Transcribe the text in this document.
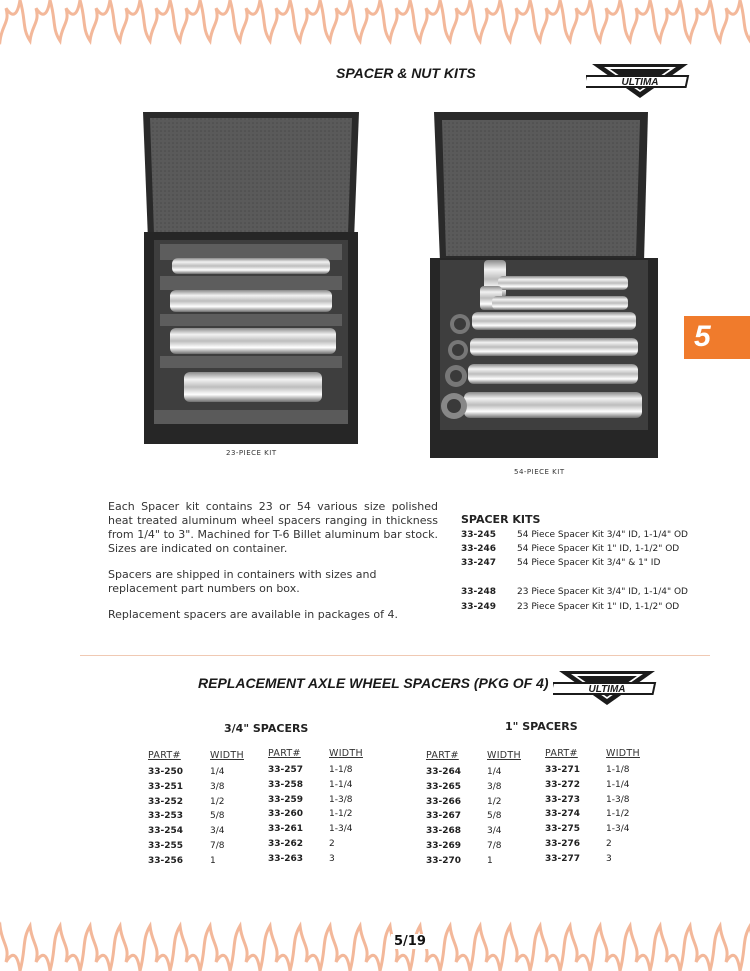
SPACER & NUT KITS
ULTIMA
23-PIECE KIT
54-PIECE KIT
5

Each Spacer kit contains 23 or 54 various size polished heat treated aluminum wheel spacers ranging in thickness from 1/4" to 3". Machined for T-6 Billet aluminum bar stock. Sizes are indicated on container.

Spacers are shipped in containers with sizes and replacement part numbers on box.

Replacement spacers are available in packages of 4.

SPACER KITS
33-245 54 Piece Spacer Kit 3/4" ID, 1-1/4" OD
33-246 54 Piece Spacer Kit 1" ID, 1-1/2" OD
33-247 54 Piece Spacer Kit 3/4" & 1" ID
33-248 23 Piece Spacer Kit 3/4" ID, 1-1/4" OD
33-249 23 Piece Spacer Kit 1" ID, 1-1/2" OD
REPLACEMENT AXLE WHEEL SPACERS (PKG OF 4)	ULTIMA
3/4" SPACERS
PART#
33-250
33-251
33-252
33-253
33-254
33-255
33-256
WIDTH
1/4
3/8
1/2
5/8
3/4
7/8
1
PART#
33-257
33-258
33-259
33-260
33-261
33-262
33-263
WIDTH
1-1/8
1-1/4
1-3/8
1-1/2
1-3/4
2
3
1" SPACERS
PART#
33-264
33-265
33-266
33-267
33-268
33-269
33-270
WIDTH
1/4
3/8
1/2
5/8
3/4
7/8
1
PART#
33-271
33-272
33-273
33-274
33-275
33-276
33-277
WIDTH
1-1/8
1-1/4
1-3/8
1-1/2
1-3/4
2
3
5/19
